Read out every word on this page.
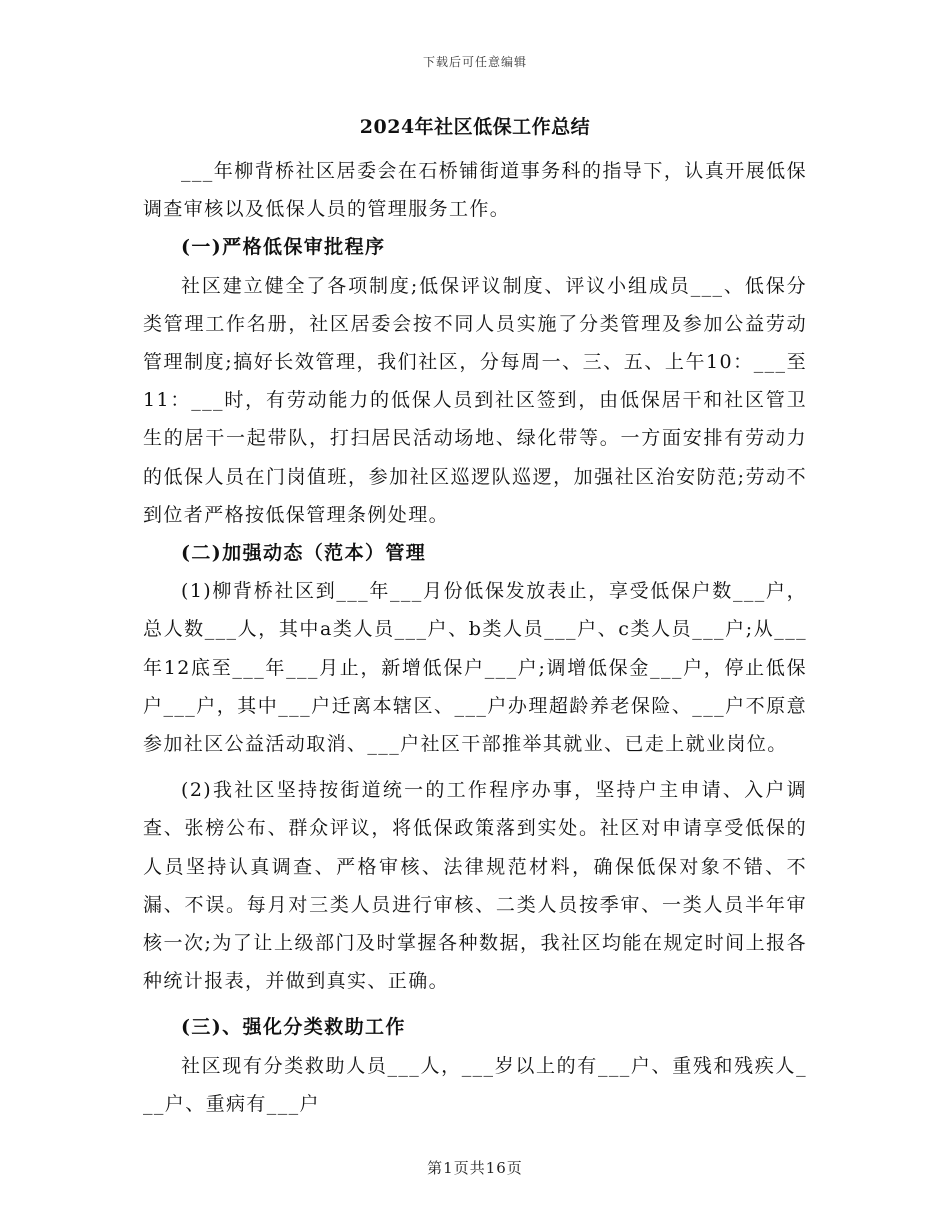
下载后可任意编辑
2024年社区低保工作总结

___年柳背桥社区居委会在石桥铺街道事务科的指导下，认真开展低保调查审核以及低保人员的管理服务工作。

(一)严格低保审批程序

社区建立健全了各项制度;低保评议制度、评议小组成员___、低保分类管理工作名册，社区居委会按不同人员实施了分类管理及参加公益劳动管理制度;搞好长效管理，我们社区，分每周一、三、五、上午10：___至11：___时，有劳动能力的低保人员到社区签到，由低保居干和社区管卫生的居干一起带队，打扫居民活动场地、绿化带等。一方面安排有劳动力的低保人员在门岗值班，参加社区巡逻队巡逻，加强社区治安防范;劳动不到位者严格按低保管理条例处理。

(二)加强动态（范本）管理

(1)柳背桥社区到___年___月份低保发放表止，享受低保户数___户，总人数___人，其中a类人员___户、b类人员___户、c类人员___户;从___年12底至___年___月止，新增低保户___户;调增低保金___户，停止低保户___户，其中___户迁离本辖区、___户办理超龄养老保险、___户不原意参加社区公益活动取消、___户社区干部推举其就业、已走上就业岗位。

(2)我社区坚持按街道统一的工作程序办事，坚持户主申请、入户调查、张榜公布、群众评议，将低保政策落到实处。社区对申请享受低保的人员坚持认真调查、严格审核、法律规范材料，确保低保对象不错、不漏、不误。每月对三类人员进行审核、二类人员按季审、一类人员半年审核一次;为了让上级部门及时掌握各种数据，我社区均能在规定时间上报各种统计报表，并做到真实、正确。

(三)、强化分类救助工作

社区现有分类救助人员___人，___岁以上的有___户、重残和残疾人___户、重病有___户

第1页共16页
